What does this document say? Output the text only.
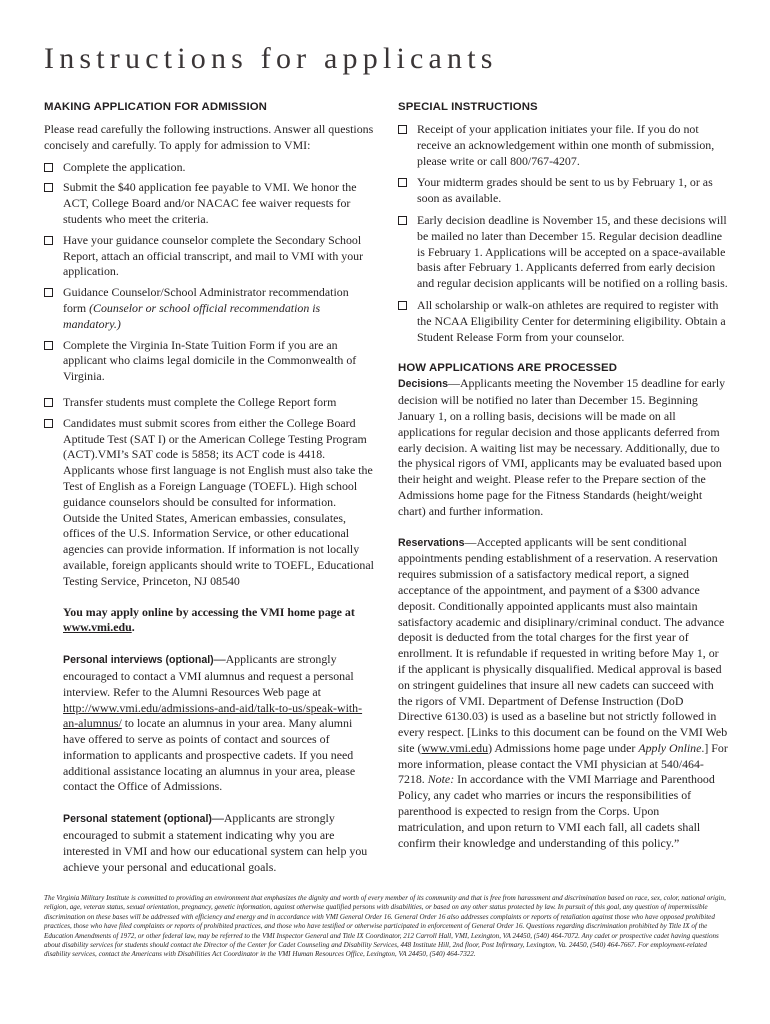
Instructions for applicants
MAKING APPLICATION FOR ADMISSION

Please read carefully the following instructions. Answer all questions concisely and carefully. To apply for admission to VMI:

Complete the application.
Submit the $40 application fee payable to VMI. We honor the ACT, College Board and/or NACAC fee waiver requests for students who meet the criteria.
Have your guidance counselor complete the Secondary School Report, attach an official transcript, and mail to VMI with your application.
Guidance Counselor/School Administrator recommendation form (Counselor or school official recommendation is mandatory.)
Complete the Virginia In-State Tuition Form if you are an applicant who claims legal domicile in the Commonwealth of Virginia.
Transfer students must complete the College Report form
Candidates must submit scores from either the College Board Aptitude Test (SAT I) or the American College Testing Program (ACT).VMI’s SAT code is 5858; its ACT code is 4418. Applicants whose first language is not English must also take the Test of English as a Foreign Language (TOEFL). High school guidance counselors should be consulted for information. Outside the United States, American embassies, consulates, offices of the U.S. Information Service, or other educational agencies can provide information. If information is not locally available, foreign applicants should write to TOEFL, Educational Testing Service, Princeton, NJ 08540

You may apply online by accessing the VMI home page at www.vmi.edu.

Personal interviews (optional)—Applicants are strongly encouraged to contact a VMI alumnus and request a personal interview. Refer to the Alumni Resources Web page at http://www.vmi.edu/admissions-and-aid/talk-to-us/speak-with-an-alumnus/ to locate an alumnus in your area. Many alumni have offered to serve as points of contact and sources of information to applicants and prospective cadets. If you need additional assistance locating an alumnus in your area, please contact the Office of Admissions.

Personal statement (optional)—Applicants are strongly encouraged to submit a statement indicating why you are interested in VMI and how our educational system can help you achieve your personal and educational goals.

SPECIAL INSTRUCTIONS
Receipt of your application initiates your file. If you do not receive an acknowledgement within one month of submission, please write or call 800/767-4207.
Your midterm grades should be sent to us by February 1, or as soon as available.
Early decision deadline is November 15, and these decisions will be mailed no later than December 15. Regular decision deadline is February 1. Applications will be accepted on a space-available basis after February 1. Applicants deferred from early decision and regular decision applicants will be notified on a rolling basis.
All scholarship or walk-on athletes are required to register with the NCAA Eligibility Center for determining eligibility. Obtain a Student Release Form from your counselor.
HOW APPLICATIONS ARE PROCESSED

Decisions—Applicants meeting the November 15 deadline for early decision will be notified no later than December 15. Beginning January 1, on a rolling basis, decisions will be made on all applications for regular decision and those applicants deferred from early decision. A waiting list may be necessary. Additionally, due to the physical rigors of VMI, applicants may be evaluated based upon their height and weight. Please refer to the Prepare section of the Admissions home page for the Fitness Standards (height/weight chart) and further information.

Reservations—Accepted applicants will be sent conditional appointments pending establishment of a reservation. A reservation requires submission of a satisfactory medical report, a signed acceptance of the appointment, and payment of a $300 advance deposit. Conditionally appointed applicants must also maintain satisfactory academic and disiplinary/criminal conduct. The advance deposit is deducted from the total charges for the first year of enrollment. It is refundable if requested in writing before May 1, or if the applicant is physically disqualified. Medical approval is based on stringent guidelines that insure all new cadets can succeed with the rigors of VMI. Department of Defense Instruction (DoD Directive 6130.03) is used as a baseline but not strictly followed in every respect. [Links to this document can be found on the VMI Web site (www.vmi.edu) Admissions home page under Apply Online.] For more information, please contact the VMI physician at 540/464-7218. Note: In accordance with the VMI Marriage and Parenthood Policy, any cadet who marries or incurs the responsibilities of parenthood is expected to resign from the Corps. Upon matriculation, and upon return to VMI each fall, all cadets shall confirm their knowledge and understanding of this policy.”

The Virginia Military Institute is committed to providing an environment that emphasizes the dignity and worth of every member of its community and that is free from harassment and discrimination based on race, sex, color, national origin, religion, age, veteran status, sexual orientation, pregnancy, genetic information, against otherwise qualified persons with disabilities, or based on any other status protected by law. In pursuit of this goal, any question of impermissible discrimination on these bases will be addressed with efficiency and energy and in accordance with VMI General Order 16. General Order 16 also addresses complaints or reports of retaliation against those who have opposed prohibited practices, those who have filed complaints or reports of prohibited practices, and those who have testified or otherwise participated in enforcement of General Order 16. Questions regarding discrimination prohibited by Title IX of the Education Amendments of 1972, or other federal law, may be referred to the VMI Inspector General and Title IX Coordinator, 212 Carroll Hall, VMI, Lexington, VA 24450, (540) 464-7072. Any cadet or prospective cadet having questions about disability services for students should contact the Director of the Center for Cadet Counseling and Disability Services, 448 Institute Hill, 2nd floor, Post Infirmary, Lexington, Va. 24450, (540) 464-7667. For employment-related disability services, contact the Americans with Disabilities Act Coordinator in the VMI Human Resources Office, Lexington, VA 24450, (540) 464-7322.
